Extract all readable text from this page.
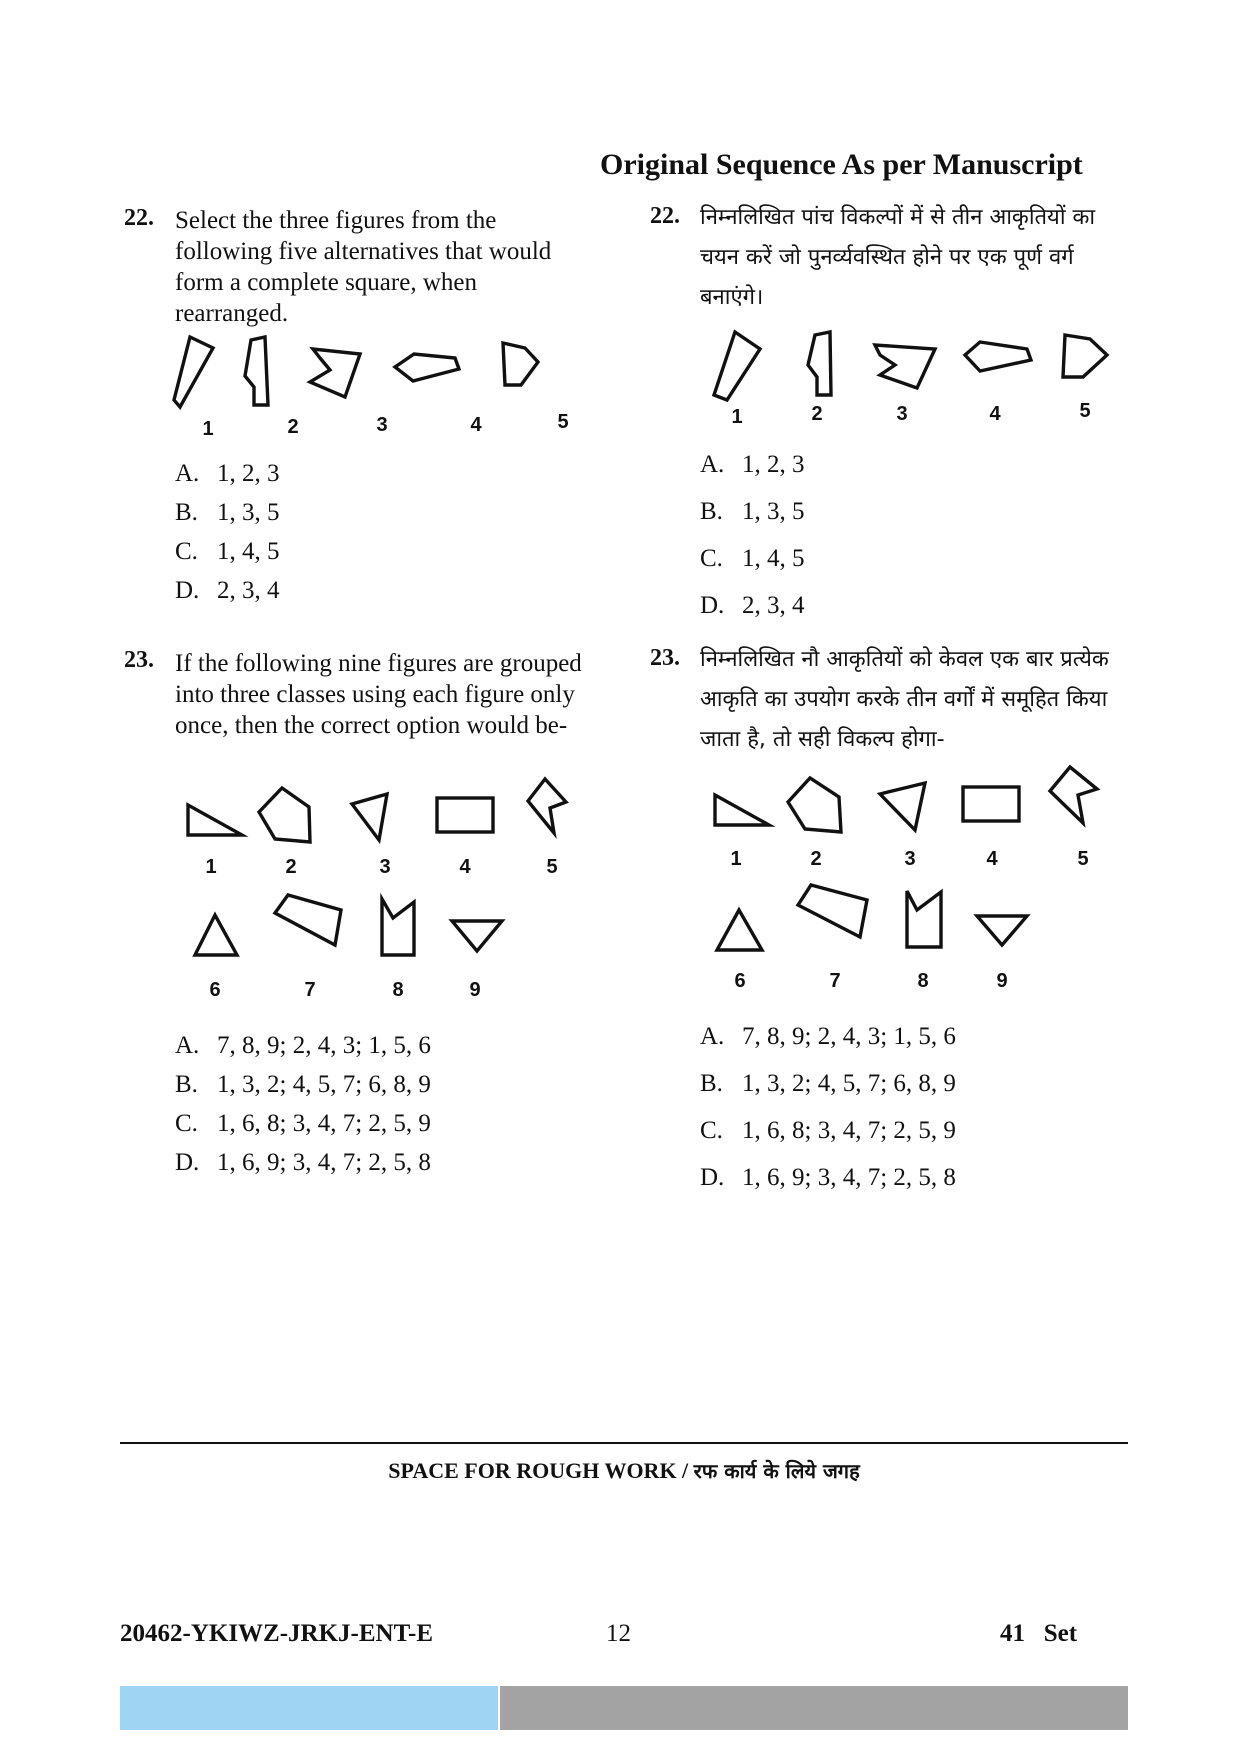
Original Sequence As per Manuscript
22. Select the three figures from the following five alternatives that would form a complete square, when rearranged.
1	2	3	4	5
A. 1, 2, 3
B. 1, 3, 5
C. 1, 4, 5
D. 2, 3, 4
23. If the following nine figures are grouped into three classes using each figure only once, then the correct option would be-
1	2	3	4	5
6	7	8	9
A. 7, 8, 9; 2, 4, 3; 1, 5, 6
B. 1, 3, 2; 4, 5, 7; 6, 8, 9
C. 1, 6, 8; 3, 4, 7; 2, 5, 9
D. 1, 6, 9; 3, 4, 7; 2, 5, 8
22. निम्नलिखित पांच विकल्पों में से तीन आकृतियों का चयन करें जो पुनर्व्यवस्थित होने पर एक पूर्ण वर्ग बनाएंगे।
1	2	3	4	5
A. 1, 2, 3
B. 1, 3, 5
C. 1, 4, 5
D. 2, 3, 4
23. निम्नलिखित नौ आकृतियों को केवल एक बार प्रत्येक आकृति का उपयोग करके तीन वर्गों में समूहित किया जाता है, तो सही विकल्प होगा-
1	2	3	4	5
6	7	8	9
A. 7, 8, 9; 2, 4, 3; 1, 5, 6
B. 1, 3, 2; 4, 5, 7; 6, 8, 9
C. 1, 6, 8; 3, 4, 7; 2, 5, 9
D. 1, 6, 9; 3, 4, 7; 2, 5, 8
SPACE FOR ROUGH WORK / रफ कार्य के लिये जगह
20462-YKIWZ-JRKJ-ENT-E	12	41   Set
